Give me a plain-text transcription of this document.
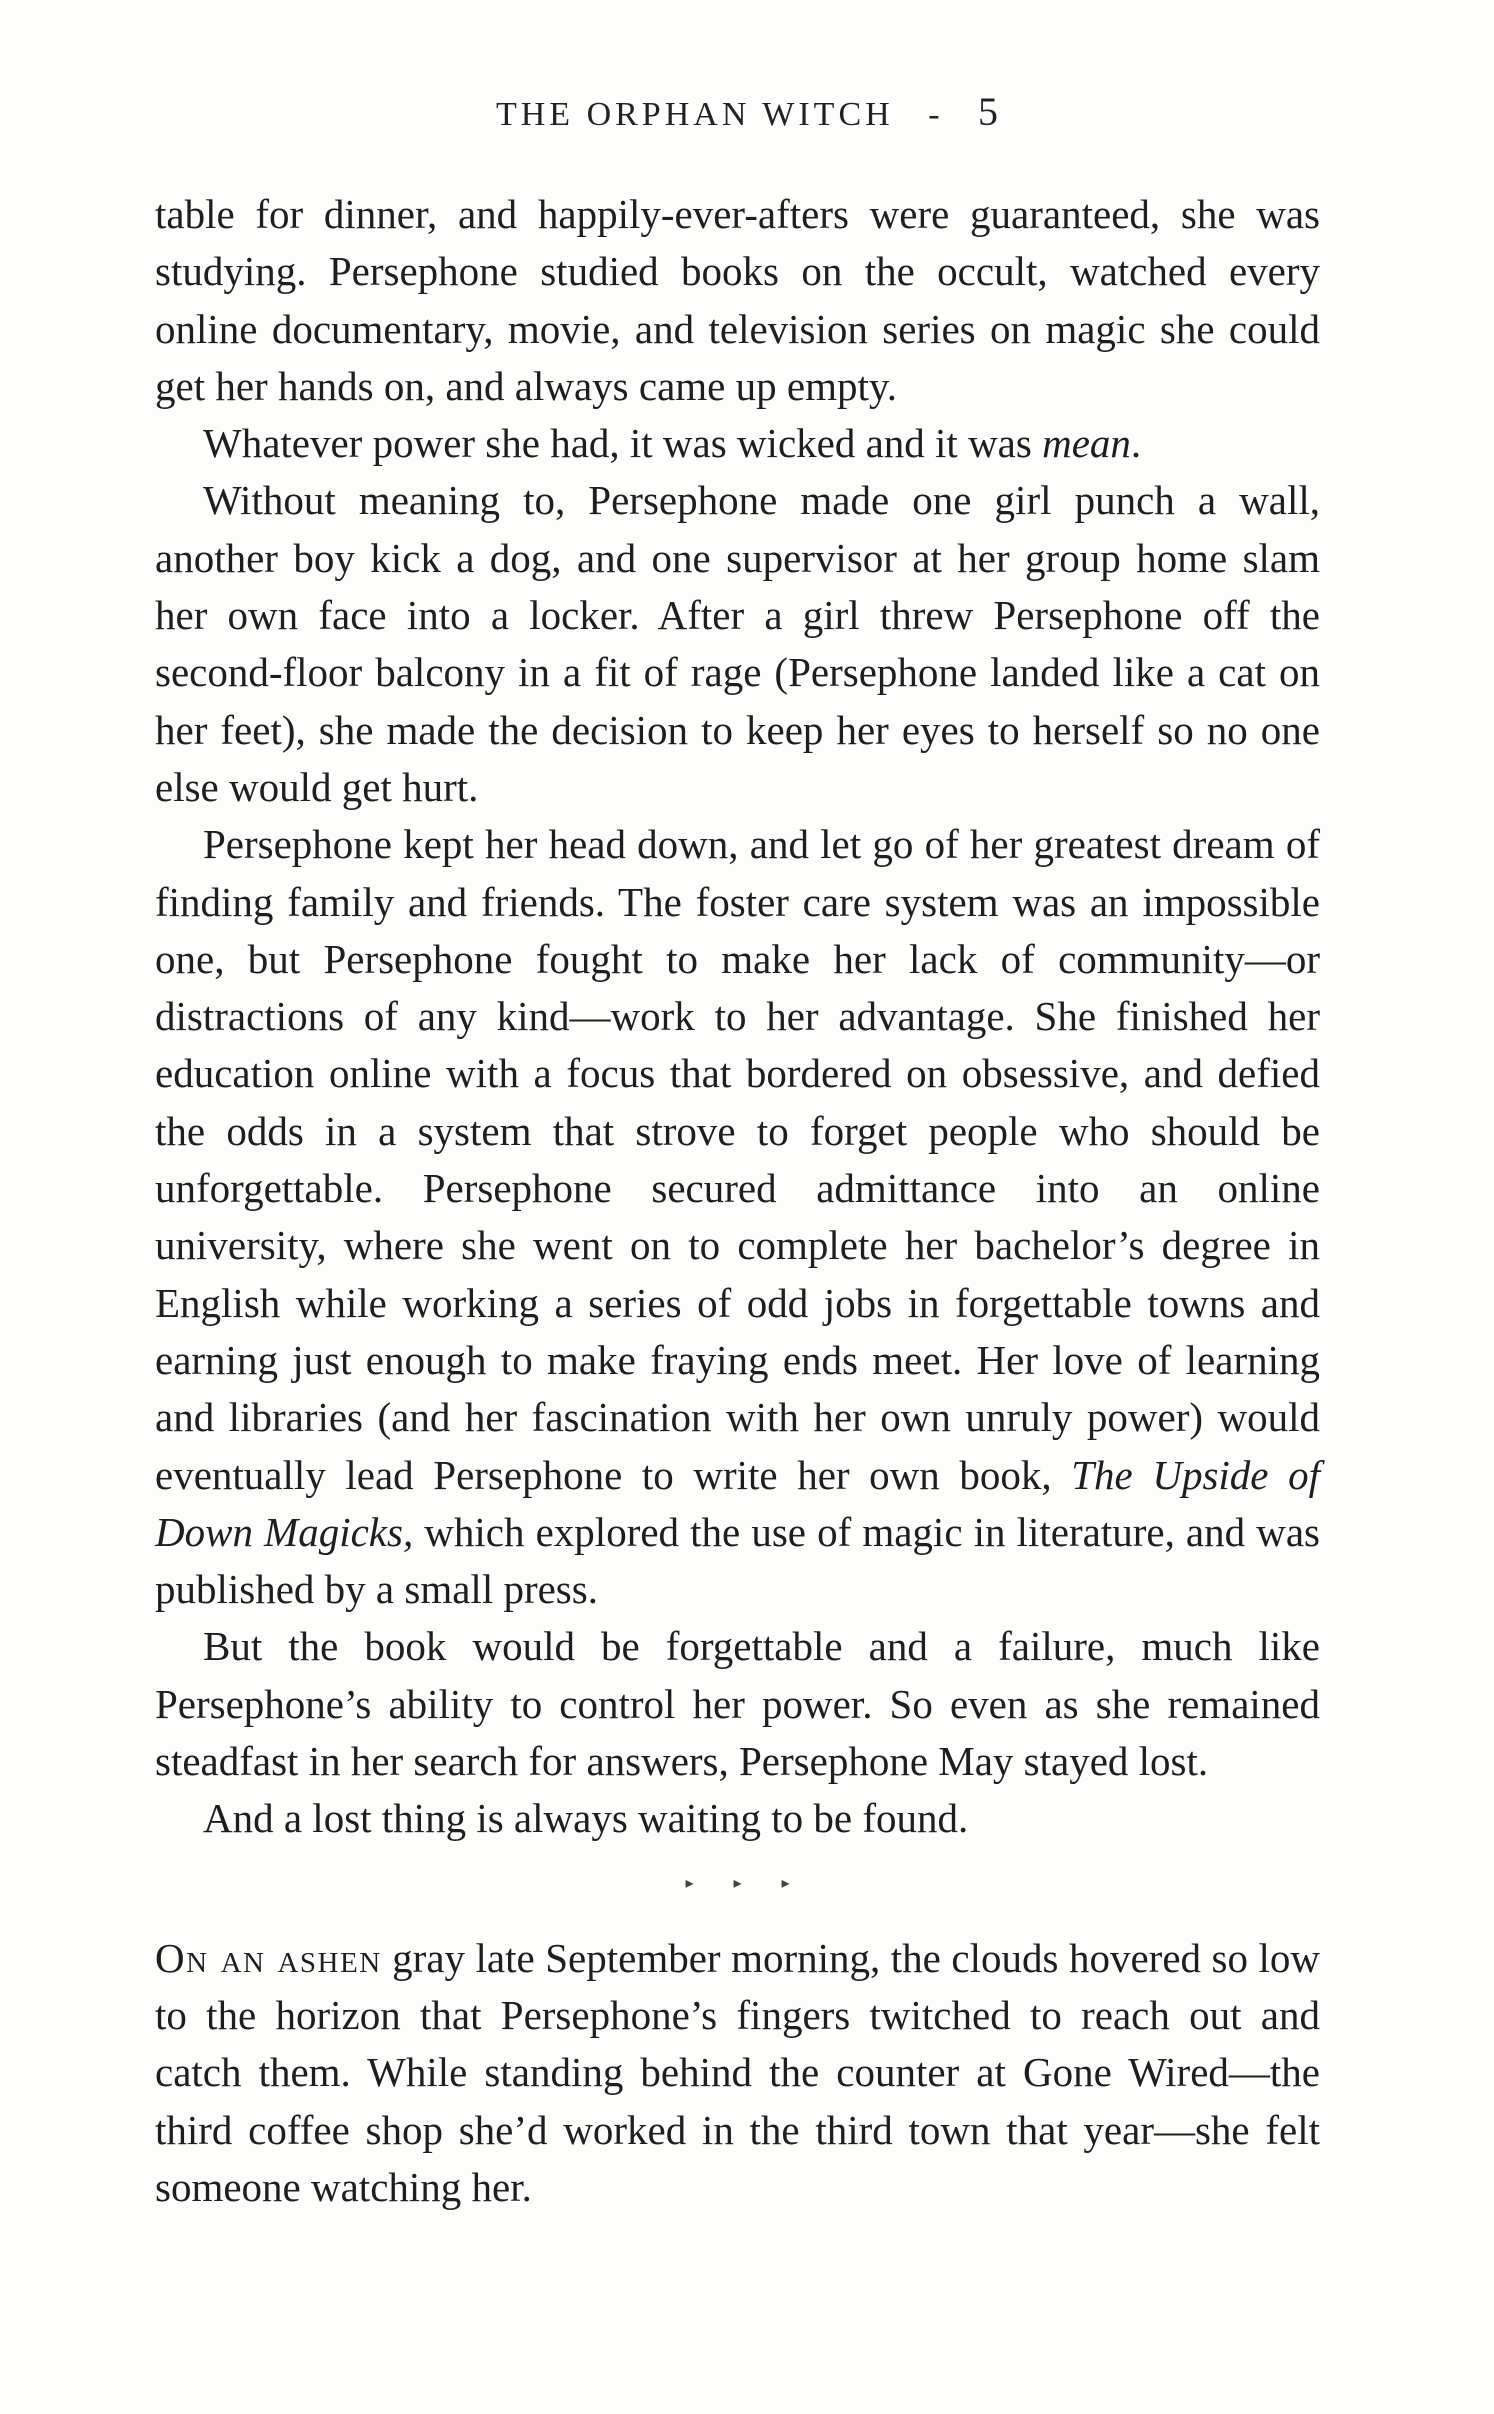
THE ORPHAN WITCH - 5

table for dinner, and happily-ever-afters were guaranteed, she was studying. Persephone studied books on the occult, watched every online documentary, movie, and television series on magic she could get her hands on, and always came up empty.

Whatever power she had, it was wicked and it was mean.

Without meaning to, Persephone made one girl punch a wall, another boy kick a dog, and one supervisor at her group home slam her own face into a locker. After a girl threw Persephone off the second-floor balcony in a fit of rage (Persephone landed like a cat on her feet), she made the decision to keep her eyes to herself so no one else would get hurt.

Persephone kept her head down, and let go of her greatest dream of finding family and friends. The foster care system was an impossible one, but Persephone fought to make her lack of community—or distractions of any kind—work to her advantage. She finished her education online with a focus that bordered on obsessive, and defied the odds in a system that strove to forget people who should be unforgettable. Persephone secured admittance into an online university, where she went on to complete her bachelor’s degree in English while working a series of odd jobs in forgettable towns and earning just enough to make fraying ends meet. Her love of learning and libraries (and her fascination with her own unruly power) would eventually lead Persephone to write her own book, The Upside of Down Magicks, which explored the use of magic in literature, and was published by a small press.

But the book would be forgettable and a failure, much like Persephone’s ability to control her power. So even as she remained steadfast in her search for answers, Persephone May stayed lost.

And a lost thing is always waiting to be found.

▸ ▸ ▸

On an ashen gray late September morning, the clouds hovered so low to the horizon that Persephone’s fingers twitched to reach out and catch them. While standing behind the counter at Gone Wired—the third coffee shop she’d worked in the third town that year—she felt someone watching her.
